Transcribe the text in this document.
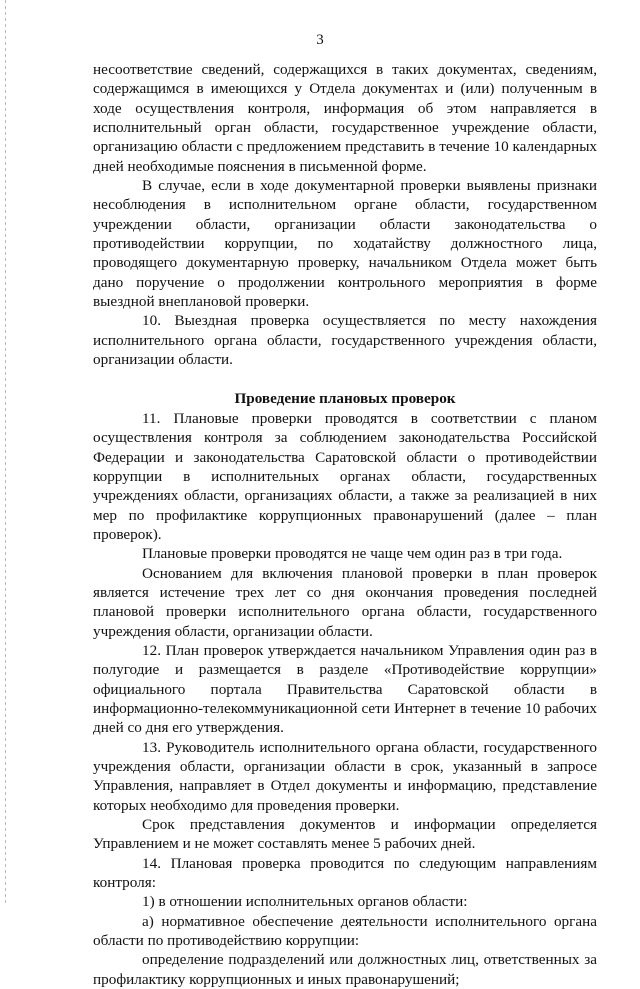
3

несоответствие сведений, содержащихся в таких документах, сведениям, содержащимся в имеющихся у Отдела документах и (или) полученным в ходе осуществления контроля, информация об этом направляется в исполнительный орган области, государственное учреждение области, организацию области с предложением представить в течение 10 календарных дней необходимые пояснения в письменной форме.

В случае, если в ходе документарной проверки выявлены признаки несоблюдения в исполнительном органе области, государственном учреждении области, организации области законодательства о противодействии коррупции, по ходатайству должностного лица, проводящего документарную проверку, начальником Отдела может быть дано поручение о продолжении контрольного мероприятия в форме выездной внеплановой проверки.

10. Выездная проверка осуществляется по месту нахождения исполнительного органа области, государственного учреждения области, организации области.

Проведение плановых проверок

11. Плановые проверки проводятся в соответствии с планом осуществления контроля за соблюдением законодательства Российской Федерации и законодательства Саратовской области о противодействии коррупции в исполнительных органах области, государственных учреждениях области, организациях области, а также за реализацией в них мер по профилактике коррупционных правонарушений (далее – план проверок).

Плановые проверки проводятся не чаще чем один раз в три года.

Основанием для включения плановой проверки в план проверок является истечение трех лет со дня окончания проведения последней плановой проверки исполнительного органа области, государственного учреждения области, организации области.

12. План проверок утверждается начальником Управления один раз в полугодие и размещается в разделе «Противодействие коррупции» официального портала Правительства Саратовской области в информационно-телекоммуникационной сети Интернет в течение 10 рабочих дней со дня его утверждения.

13. Руководитель исполнительного органа области, государственного учреждения области, организации области в срок, указанный в запросе Управления, направляет в Отдел документы и информацию, представление которых необходимо для проведения проверки.

Срок представления документов и информации определяется Управлением и не может составлять менее 5 рабочих дней.

14. Плановая проверка проводится по следующим направлениям контроля:

1) в отношении исполнительных органов области:

а) нормативное обеспечение деятельности исполнительного органа области по противодействию коррупции:

определение подразделений или должностных лиц, ответственных за профилактику коррупционных и иных правонарушений;
